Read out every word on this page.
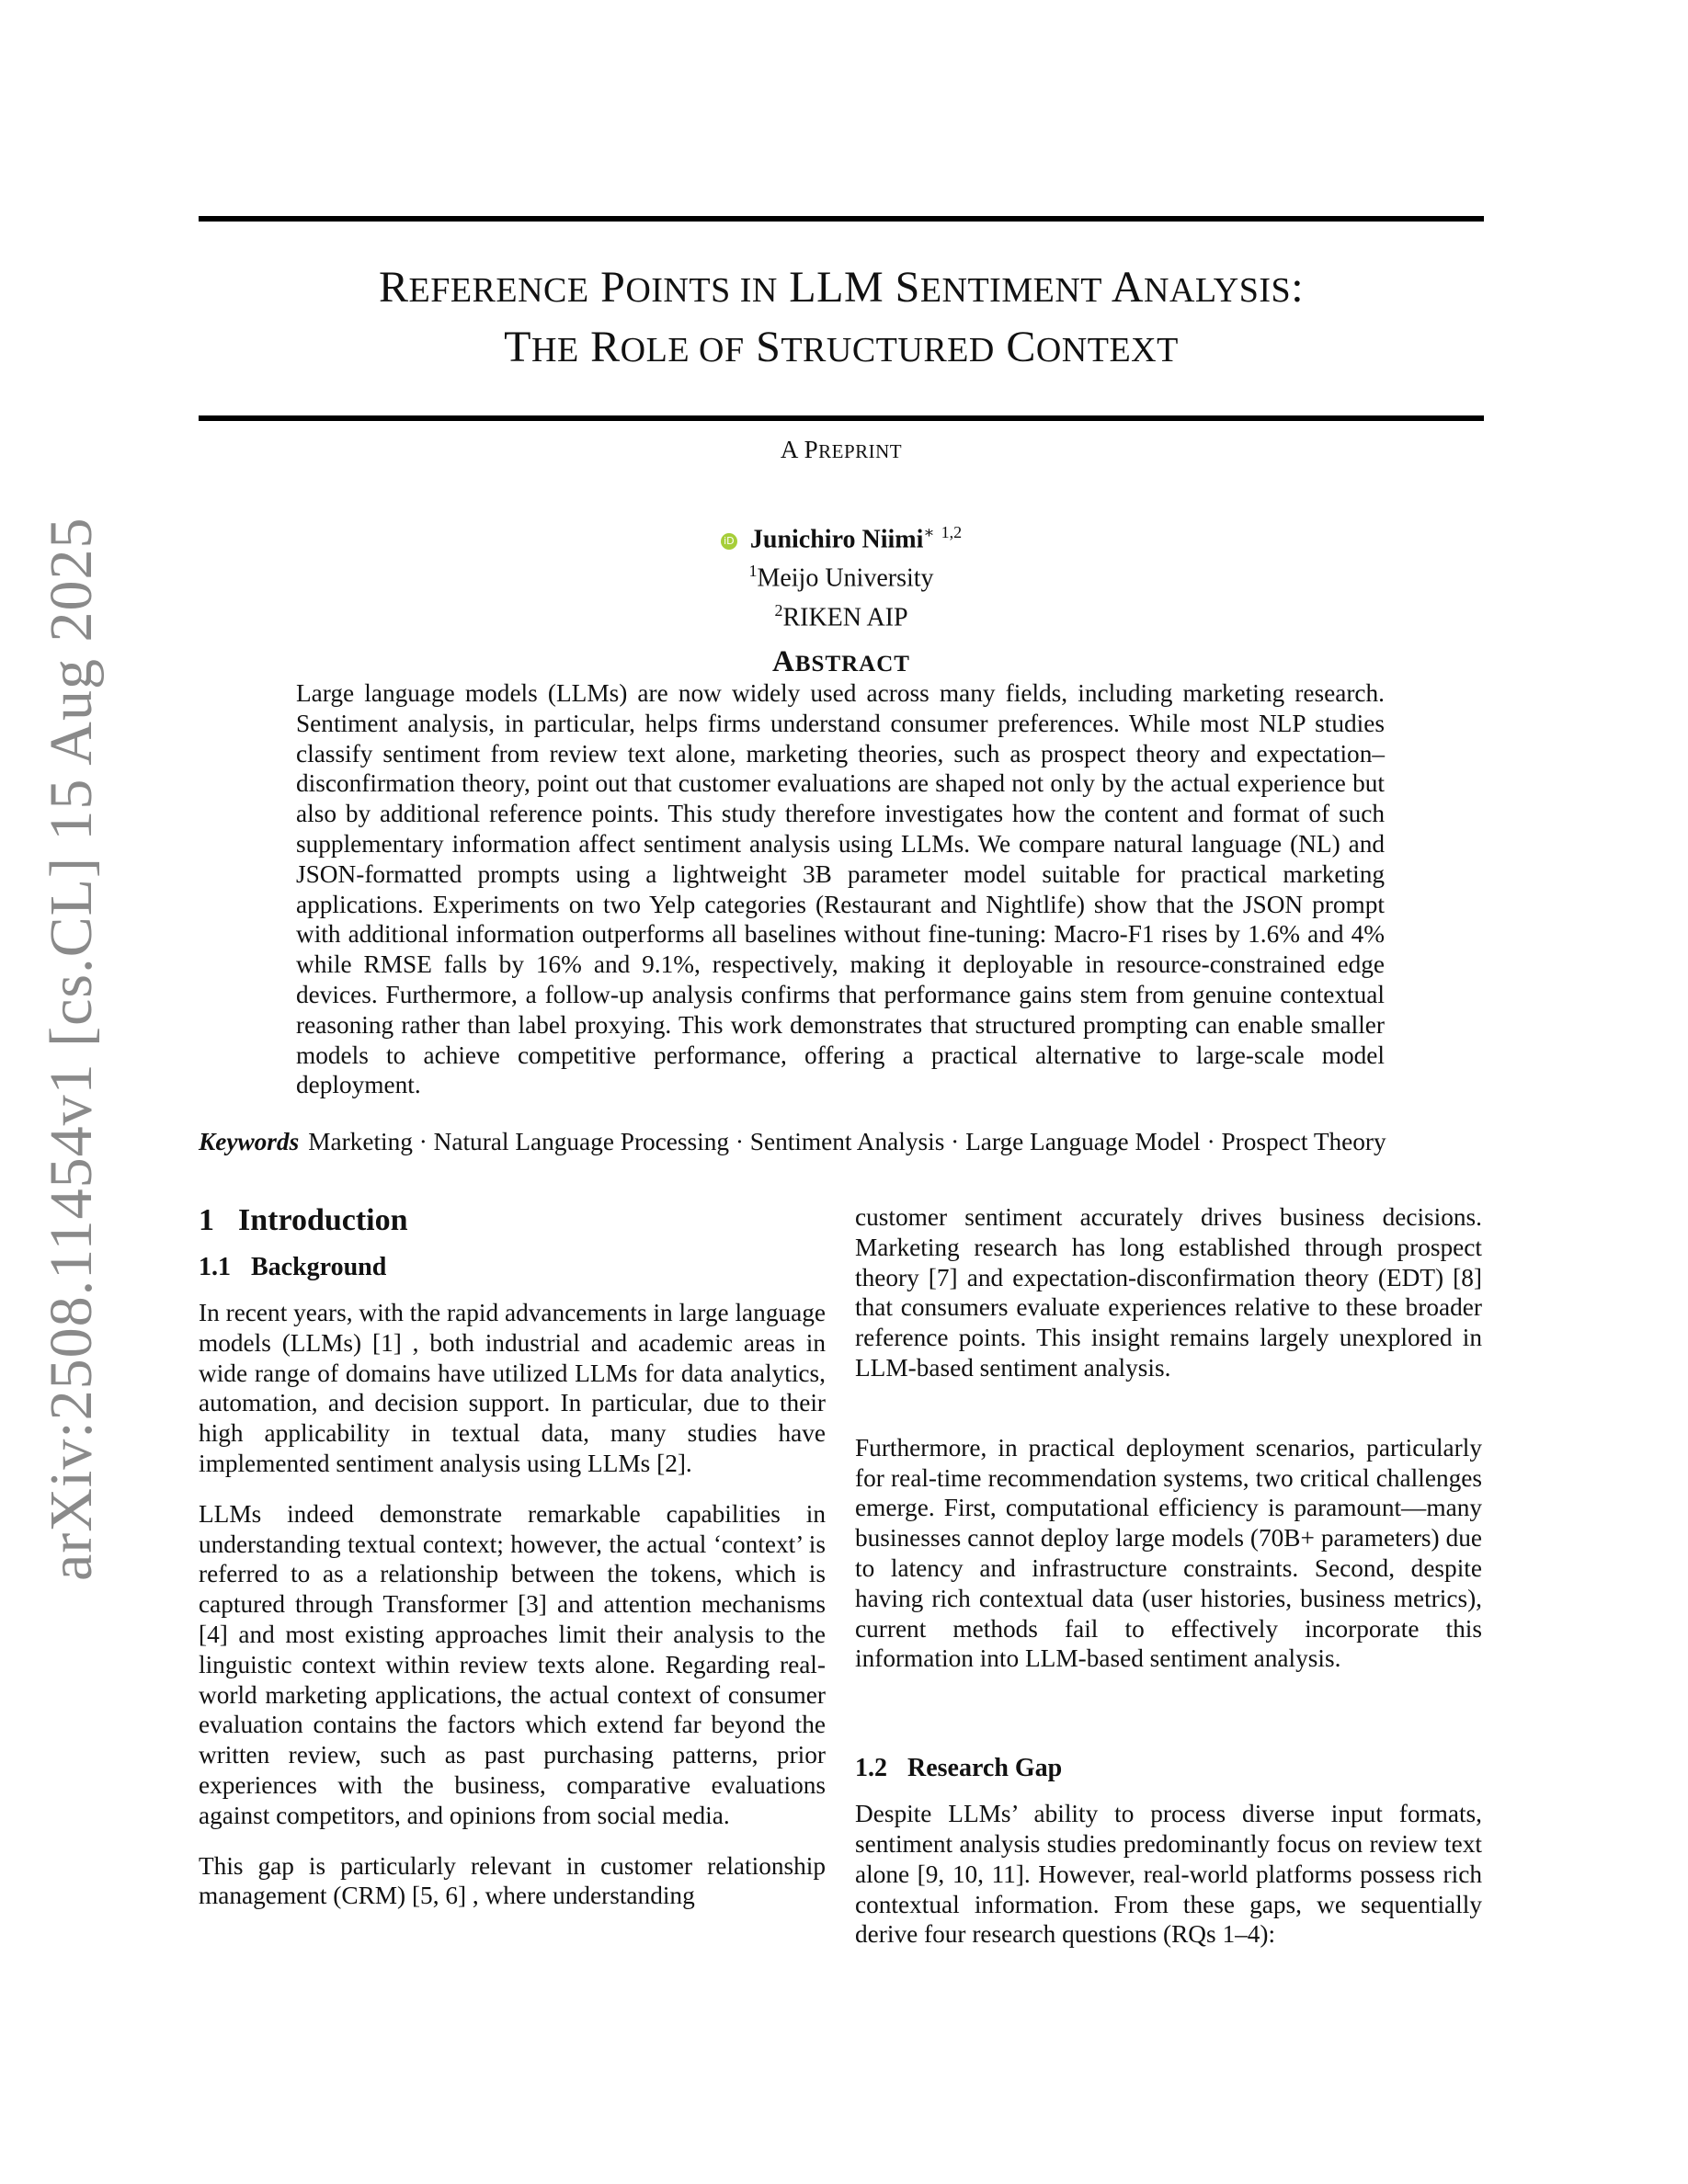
arXiv:2508.11454v1 [cs.CL] 15 Aug 2025
REFERENCE POINTS IN LLM SENTIMENT ANALYSIS:
THE ROLE OF STRUCTURED CONTEXT
A PREPRINT
iD Junichiro Niimi∗ $^{1,2}$
$^1$Meijo University
$^2$RIKEN AIP
ABSTRACT
Large language models (LLMs) are now widely used across many fields, including marketing research. Sentiment analysis, in particular, helps firms understand consumer preferences. While most NLP studies classify sentiment from review text alone, marketing theories, such as prospect theory and expectation–disconfirmation theory, point out that customer evaluations are shaped not only by the actual experience but also by additional reference points. This study therefore investigates how the content and format of such supplementary information affect sentiment analysis using LLMs. We compare natural language (NL) and JSON-formatted prompts using a lightweight 3B parameter model suitable for practical marketing applications. Experiments on two Yelp categories (Restaurant and Nightlife) show that the JSON prompt with additional information outperforms all baselines without fine-tuning: Macro-F1 rises by 1.6% and 4% while RMSE falls by 16% and 9.1%, respectively, making it deployable in resource-constrained edge devices. Furthermore, a follow-up analysis confirms that performance gains stem from genuine contextual reasoning rather than label proxying. This work demonstrates that structured prompting can enable smaller models to achieve competitive performance, offering a practical alternative to large-scale model deployment.
Keywords Marketing · Natural Language Processing · Sentiment Analysis · Large Language Model · Prospect Theory
1 Introduction
1.1 Background

In recent years, with the rapid advancements in large language models (LLMs) [1] , both industrial and academic areas in wide range of domains have utilized LLMs for data analytics, automation, and decision support. In particular, due to their high applicability in textual data, many studies have implemented sentiment analysis using LLMs [2].

LLMs indeed demonstrate remarkable capabilities in understanding textual context; however, the actual ‘context’ is referred to as a relationship between the tokens, which is captured through Transformer [3] and attention mechanisms [4] and most existing approaches limit their analysis to the linguistic context within review texts alone. Regarding real-world marketing applications, the actual context of consumer evaluation contains the factors which extend far beyond the written review, such as past purchasing patterns, prior experiences with the business, comparative evaluations against competitors, and opinions from social media.

This gap is particularly relevant in customer relationship management (CRM) [5, 6] , where understanding

customer sentiment accurately drives business decisions. Marketing research has long established through prospect theory [7] and expectation-disconfirmation theory (EDT) [8] that consumers evaluate experiences relative to these broader reference points. This insight remains largely unexplored in LLM-based sentiment analysis.

Furthermore, in practical deployment scenarios, particularly for real-time recommendation systems, two critical challenges emerge. First, computational efficiency is paramount—many businesses cannot deploy large models (70B+ parameters) due to latency and infrastructure constraints. Second, despite having rich contextual data (user histories, business metrics), current methods fail to effectively incorporate this information into LLM-based sentiment analysis.

1.2 Research Gap

Despite LLMs’ ability to process diverse input formats, sentiment analysis studies predominantly focus on review text alone [9, 10, 11]. However, real-world platforms possess rich contextual information. From these gaps, we sequentially derive four research questions (RQs 1–4):
